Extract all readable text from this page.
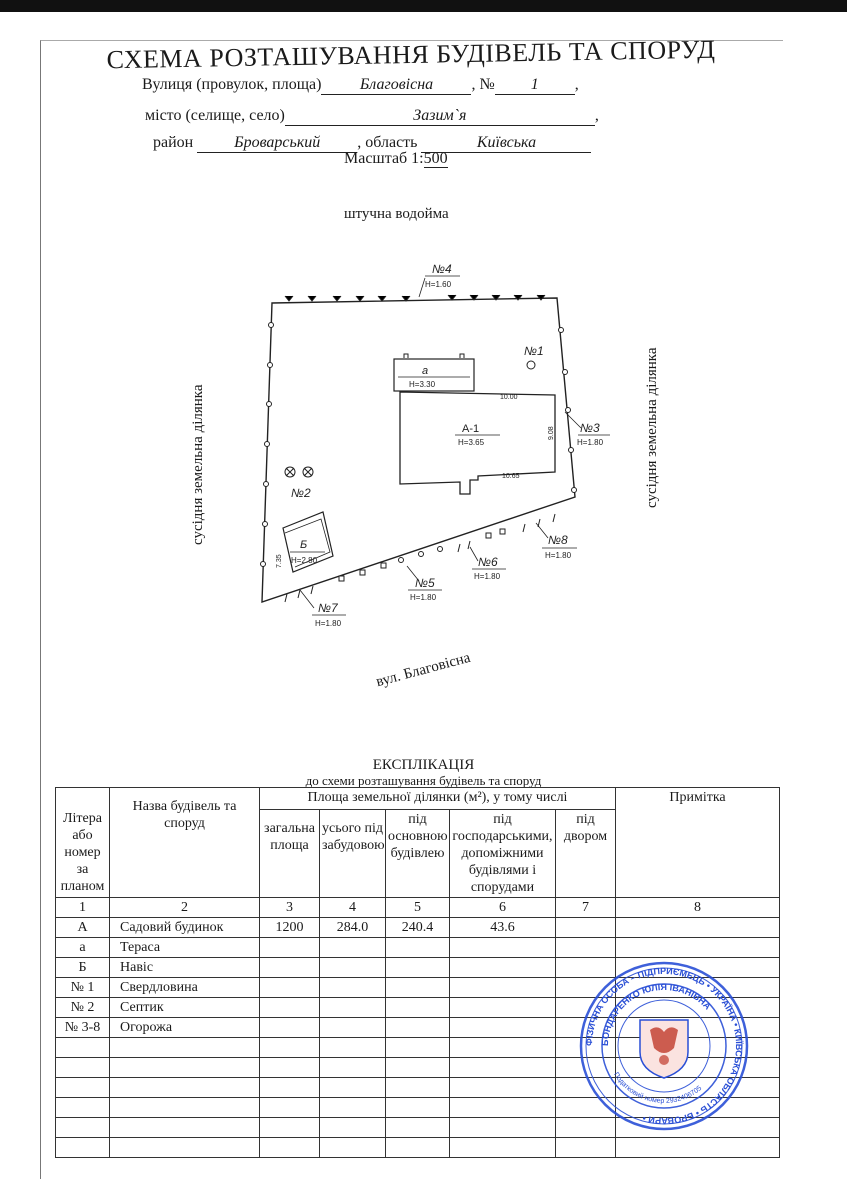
СХЕМА РОЗТАШУВАННЯ БУДІВЕЛЬ ТА СПОРУД
Вулиця (провулок, площа) Благовісна , № 1 ,
місто (селище, село)	Зазим`я	,
район	Броварський , область	Київська
Масштаб 1:500
штучна водойма
сусідня земельна ділянка	сусідня земельна ділянка
вул. Благовісна
№4
H=1.60
№1
а
H=3.30
10.00
А-1
H=3.65
9.08
10.65
№3
H=1.80
№2
Б
H=2.80
7.35
№8
H=1.80
№6
H=1.80
№5
H=1.80
№7
H=1.80
ЕКСПЛІКАЦІЯ
до схеми розташування будівель та споруд
Літера або номер за планом	Назва будівель та споруд	Площа земельної ділянки (м²), у тому числі					Примітка
		загальна площа	усього під забудовою	під основною будівлею	під господарськими, допоміжними будівлями і спорудами	під двором	
1	2	3	4	5	6	7	8
А	Садовий будинок	1200	284.0	240.4	43.6		
а	Тераса						
Б	Навіс						
№ 1	Свердловина						
№ 2	Септик						
№ 3-8	Огорожа						

ФІЗИЧНА ОСОБА – ПІДПРИЄМЕЦЬ • УКРАЇНА • КИЇВСЬКА ОБЛАСТЬ • БРОВАРИ •
БОНДАРЕНКО ЮЛІЯ ІВАНІВНА
Податковий номер 2932406705
